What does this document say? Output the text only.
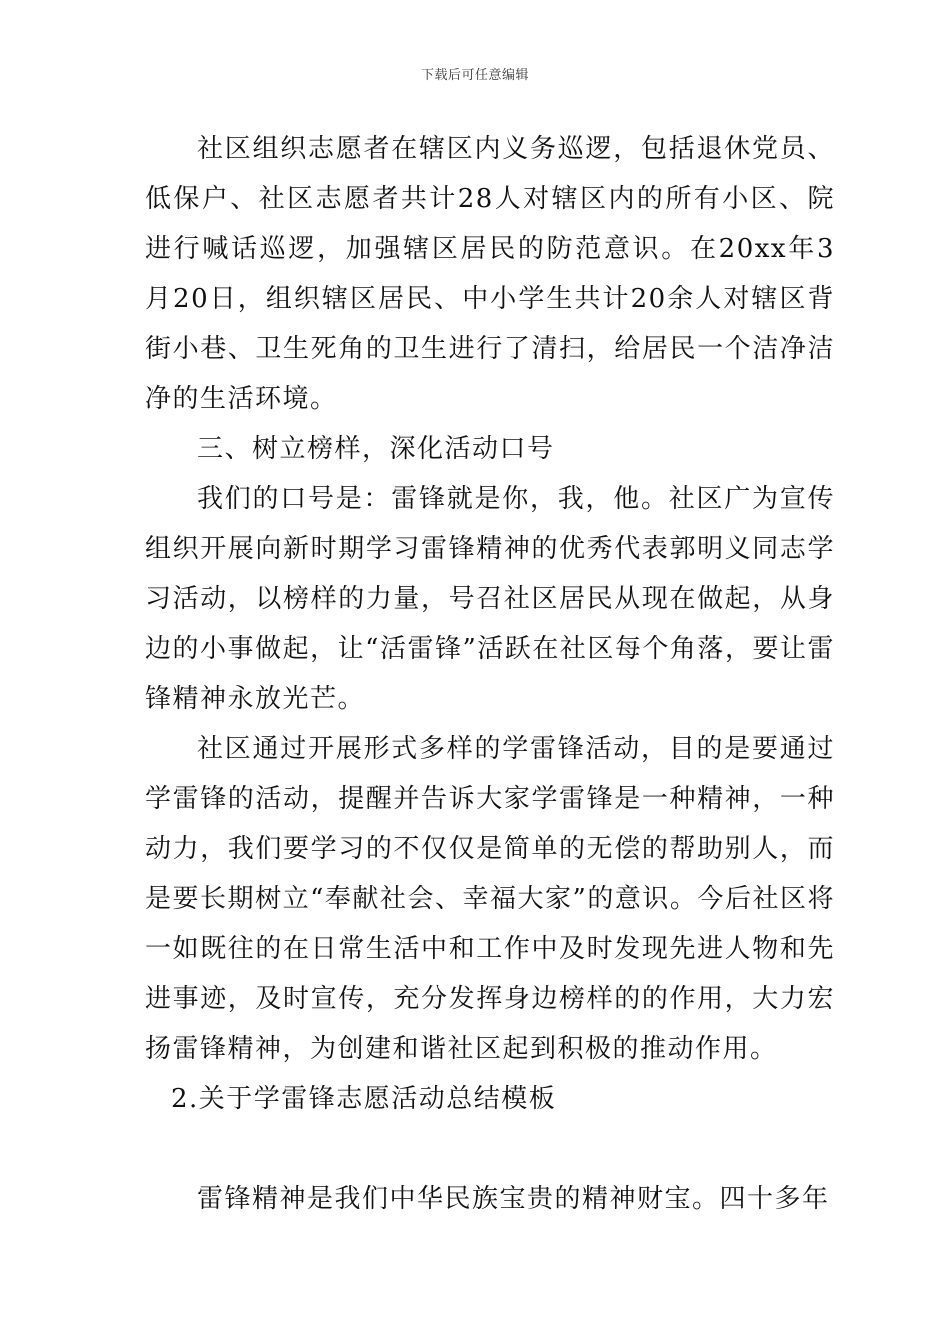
下载后可任意编辑

社区组织志愿者在辖区内义务巡逻，包括退休党员、低保户、社区志愿者共计28人对辖区内的所有小区、院进行喊话巡逻，加强辖区居民的防范意识。在20xx年3月20日，组织辖区居民、中小学生共计20余人对辖区背街小巷、卫生死角的卫生进行了清扫，给居民一个洁净洁净的生活环境。

三、树立榜样，深化活动口号

我们的口号是：雷锋就是你，我，他。社区广为宣传组织开展向新时期学习雷锋精神的优秀代表郭明义同志学习活动，以榜样的力量，号召社区居民从现在做起，从身边的小事做起，让“活雷锋”活跃在社区每个角落，要让雷锋精神永放光芒。

社区通过开展形式多样的学雷锋活动，目的是要通过学雷锋的活动，提醒并告诉大家学雷锋是一种精神，一种动力，我们要学习的不仅仅是简单的无偿的帮助别人，而是要长期树立“奉献社会、幸福大家”的意识。今后社区将一如既往的在日常生活中和工作中及时发现先进人物和先进事迹，及时宣传，充分发挥身边榜样的的作用，大力宏扬雷锋精神，为创建和谐社区起到积极的推动作用。

2.关于学雷锋志愿活动总结模板

雷锋精神是我们中华民族宝贵的精神财宝。四十多年
